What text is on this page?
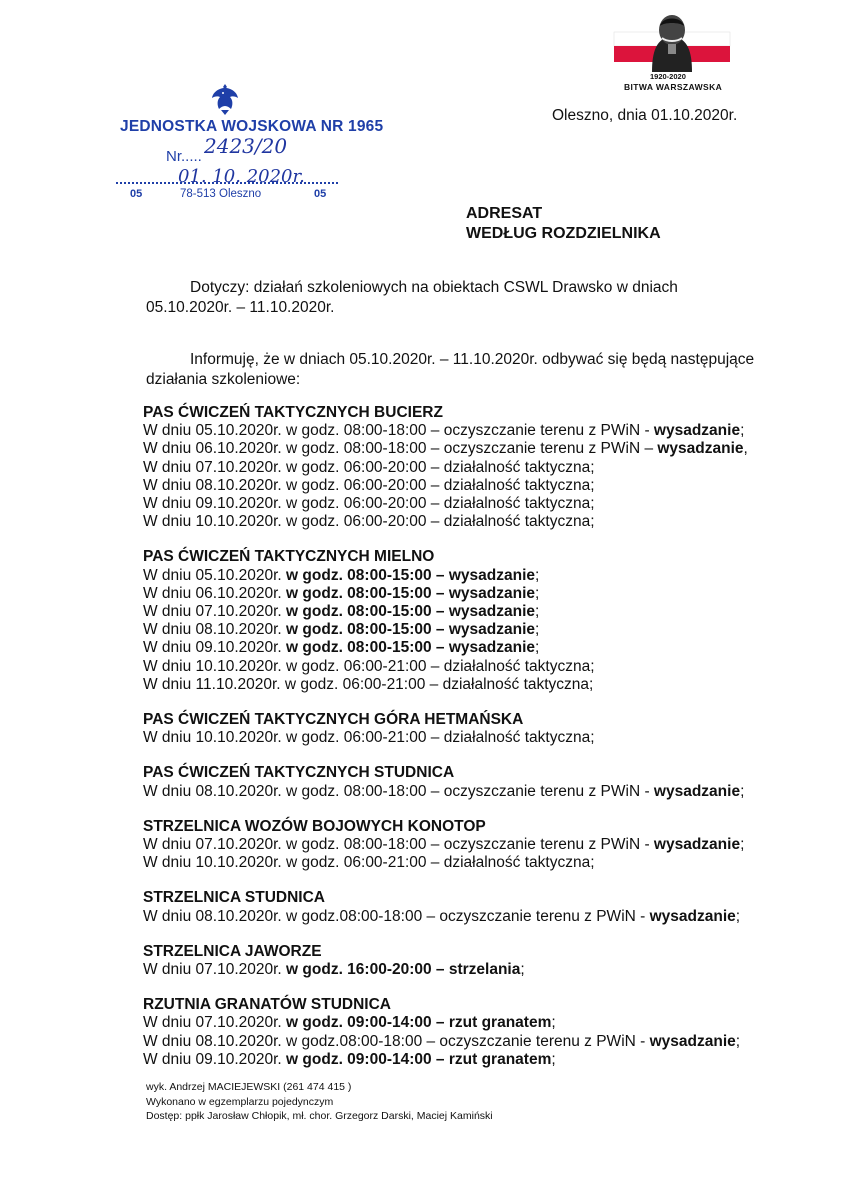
JEDNOSTKA WOJSKOWA NR 1965
2423/20
Nr.....
01. 10. 2020r.
05	78-513 Oleszno	05
1920-2020
BITWA WARSZAWSKA
Oleszno, dnia 01.10.2020r.
ADRESAT
WEDŁUG ROZDZIELNIKA
Dotyczy: działań szkoleniowych na obiektach CSWL Drawsko w dniach
05.10.2020r. – 11.10.2020r.
Informuję, że w dniach 05.10.2020r. – 11.10.2020r. odbywać się będą następujące
działania szkoleniowe:
PAS ĆWICZEŃ TAKTYCZNYCH BUCIERZ
W dniu 05.10.2020r. w godz. 08:00-18:00 – oczyszczanie terenu z PWiN - wysadzanie;
W dniu 06.10.2020r. w godz. 08:00-18:00 – oczyszczanie terenu z PWiN – wysadzanie,
W dniu 07.10.2020r. w godz. 06:00-20:00 – działalność taktyczna;
W dniu 08.10.2020r. w godz. 06:00-20:00 – działalność taktyczna;
W dniu 09.10.2020r. w godz. 06:00-20:00 – działalność taktyczna;
W dniu 10.10.2020r. w godz. 06:00-20:00 – działalność taktyczna;
PAS ĆWICZEŃ TAKTYCZNYCH MIELNO
W dniu 05.10.2020r. w godz. 08:00-15:00 – wysadzanie;
W dniu 06.10.2020r. w godz. 08:00-15:00 – wysadzanie;
W dniu 07.10.2020r. w godz. 08:00-15:00 – wysadzanie;
W dniu 08.10.2020r. w godz. 08:00-15:00 – wysadzanie;
W dniu 09.10.2020r. w godz. 08:00-15:00 – wysadzanie;
W dniu 10.10.2020r. w godz. 06:00-21:00 – działalność taktyczna;
W dniu 11.10.2020r. w godz. 06:00-21:00 – działalność taktyczna;
PAS ĆWICZEŃ TAKTYCZNYCH GÓRA HETMAŃSKA
W dniu 10.10.2020r. w godz. 06:00-21:00 – działalność taktyczna;
PAS ĆWICZEŃ TAKTYCZNYCH STUDNICA
W dniu 08.10.2020r. w godz. 08:00-18:00 – oczyszczanie terenu z PWiN - wysadzanie;
STRZELNICA WOZÓW BOJOWYCH KONOTOP
W dniu 07.10.2020r. w godz. 08:00-18:00 – oczyszczanie terenu z PWiN - wysadzanie;
W dniu 10.10.2020r. w godz. 06:00-21:00 – działalność taktyczna;
STRZELNICA STUDNICA
W dniu 08.10.2020r. w godz.08:00-18:00 – oczyszczanie terenu z PWiN - wysadzanie;
STRZELNICA JAWORZE
W dniu 07.10.2020r. w godz. 16:00-20:00 – strzelania;
RZUTNIA GRANATÓW STUDNICA
W dniu 07.10.2020r. w godz. 09:00-14:00 – rzut granatem;
W dniu 08.10.2020r. w godz.08:00-18:00 – oczyszczanie terenu z PWiN - wysadzanie;
W dniu 09.10.2020r. w godz. 09:00-14:00 – rzut granatem;
wyk. Andrzej MACIEJEWSKI (261 474 415 )
Wykonano w egzemplarzu pojedynczym
Dostęp: ppłk Jarosław Chłopik, mł. chor. Grzegorz Darski, Maciej Kamiński
